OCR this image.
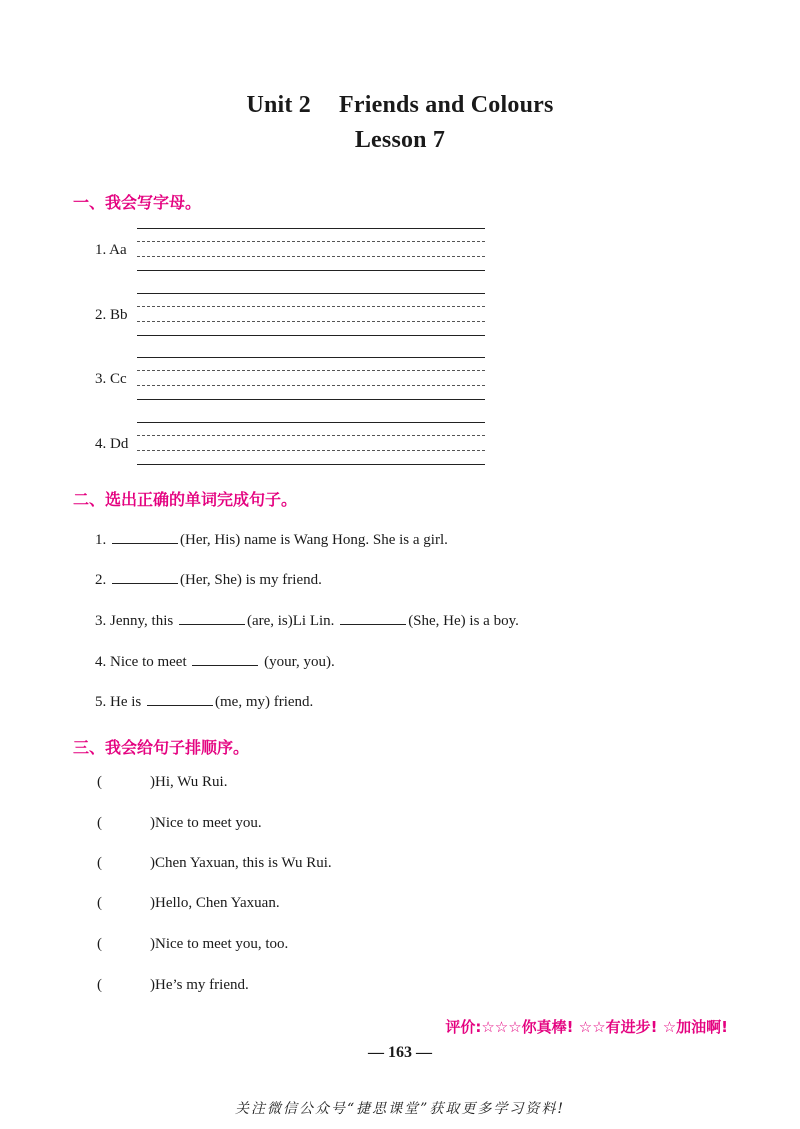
Unit 2 Friends and Colours
Lesson 7
一、我会写字母。
1. Aa
2. Bb
3. Cc
4. Dd
二、选出正确的单词完成句子。
1.	(Her, His) name is Wang Hong. She is a girl.
2.	(Her, She) is my friend.
3. Jenny, this	(are, is)Li Lin.	(She, He) is a boy.
4. Nice to meet	(your, you).
5. He is	(me, my) friend.
三、我会给句子排顺序。
(	)Hi, Wu Rui.
(	)Nice to meet you.
(	)Chen Yaxuan, this is Wu Rui.
(	)Hello, Chen Yaxuan.
(	)Nice to meet you, too.
(	)He’s my friend.
评价:☆☆☆你真棒! ☆☆有进步! ☆加油啊!
— 163 —
关注微信公众号“捷思课堂”获取更多学习资料!
